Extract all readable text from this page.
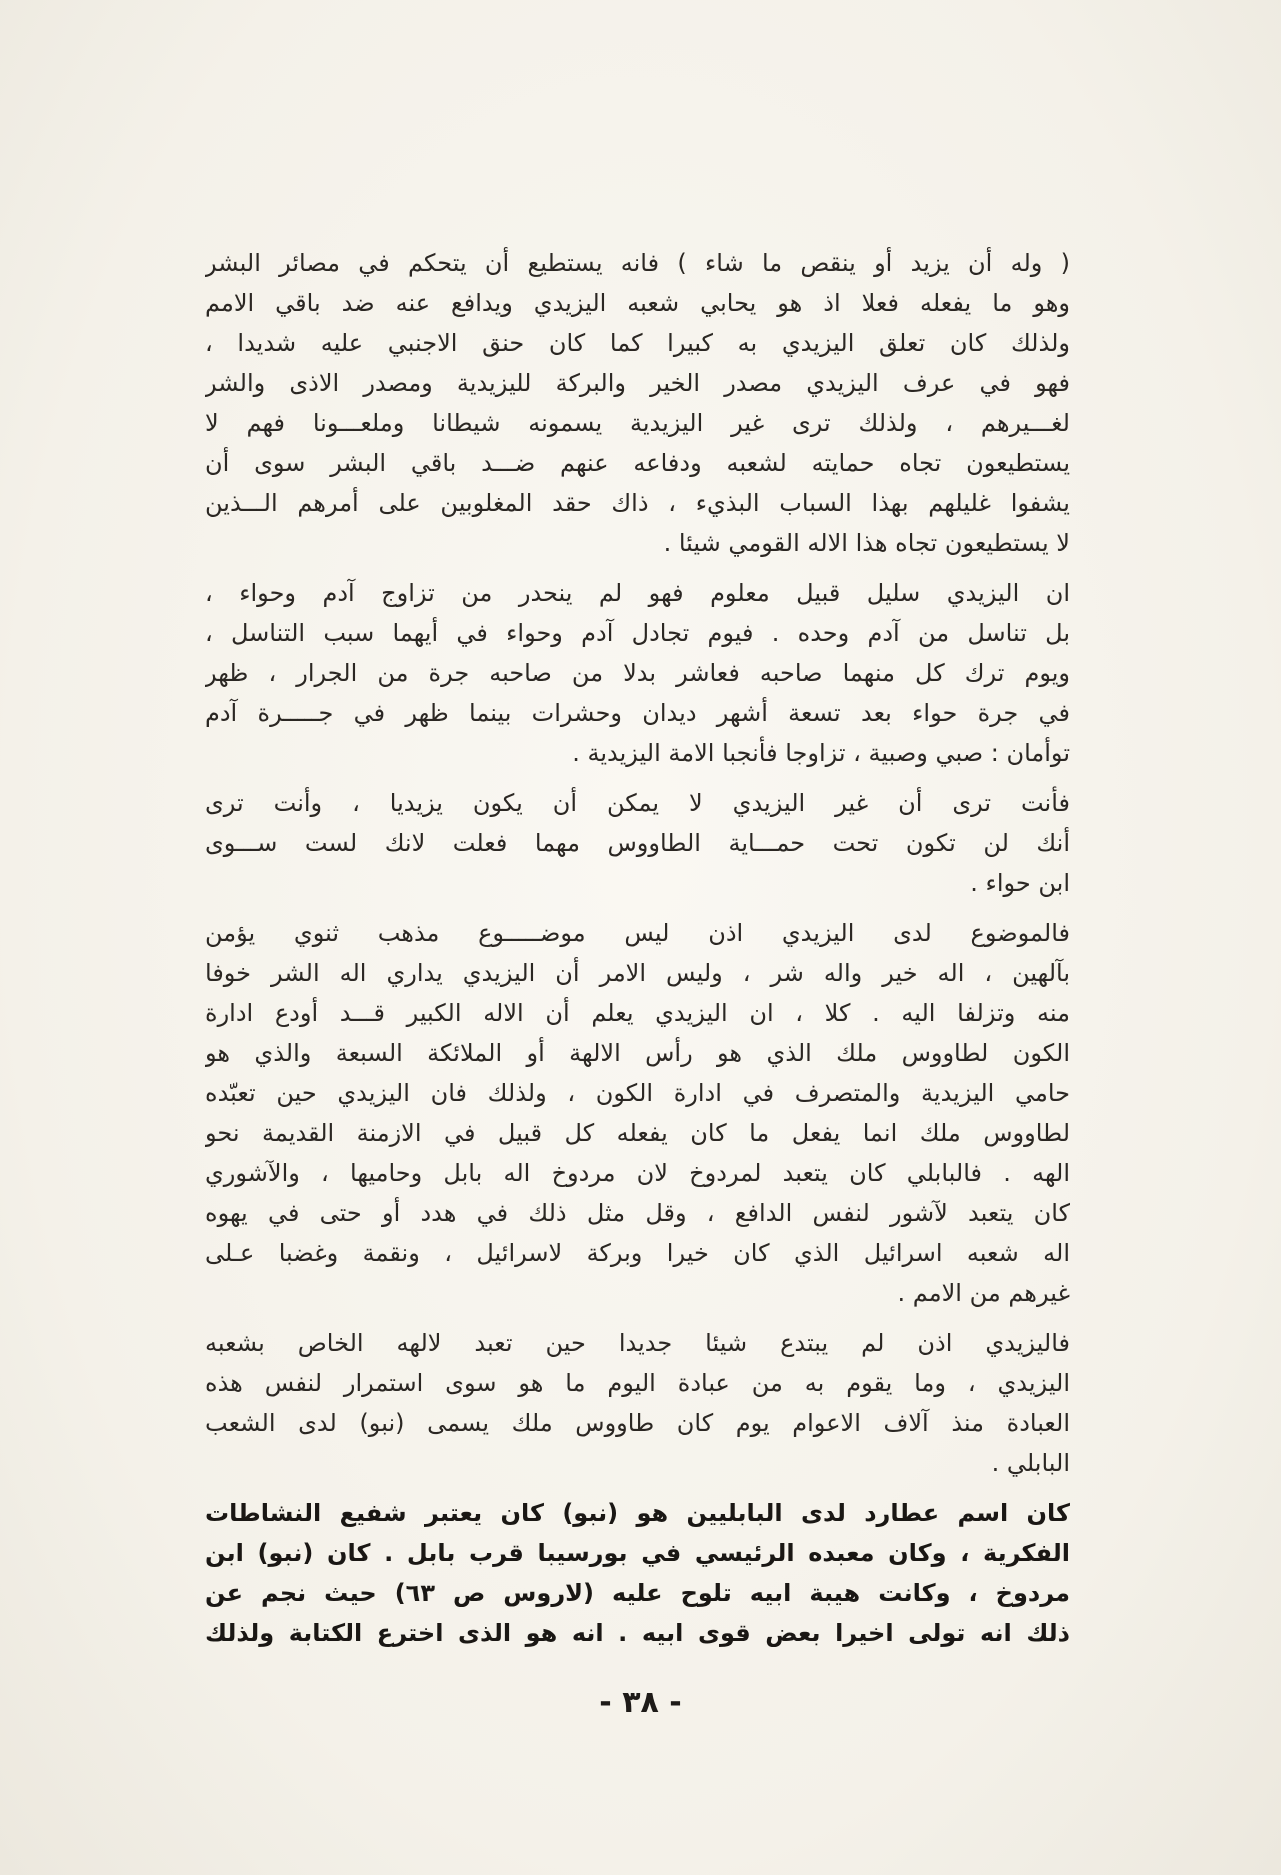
( وله أن يزيد أو ينقص ما شاء ) فانه يستطيع أن يتحكم في مصائر البشر
وهو ما يفعله فعلا اذ هو يحابي شعبه اليزيدي ويدافع عنه ضد باقي الامم
ولذلك كان تعلق اليزيدي به كبيرا كما كان حنق الاجنبي عليه شديدا ،
فهو في عرف اليزيدي مصدر الخير والبركة لليزيدية ومصدر الاذى والشر
لغـــيرهم ، ولذلك ترى غير اليزيدية يسمونه شيطانا وملعـــونا فهم لا
يستطيعون تجاه حمايته لشعبه ودفاعه عنهم ضـــد باقي البشر سوى أن
يشفوا غليلهم بهذا السباب البذيء ، ذاك حقد المغلوبين على أمرهم الـــذين
لا يستطيعون تجاه هذا الاله القومي شيئا .
ان اليزيدي سليل قبيل معلوم فهو لم ينحدر من تزاوج آدم وحواء ،
بل تناسل من آدم وحده . فيوم تجادل آدم وحواء في أيهما سبب التناسل ،
ويوم ترك كل منهما صاحبه فعاشر بدلا من صاحبه جرة من الجرار ، ظهر
في جرة حواء بعد تسعة أشهر ديدان وحشرات بينما ظهر في جـــــرة آدم
توأمان : صبي وصبية ، تزاوجا فأنجبا الامة اليزيدية .
فأنت ترى أن غير اليزيدي لا يمكن أن يكون يزيديا ، وأنت ترى
أنك لن تكون تحت حمـــاية الطاووس مهما فعلت لانك لست ســـوى
ابن حواء .
فالموضوع لدى اليزيدي اذن ليس موضـــــوع مذهب ثنوي يؤمن
بآلهين ، اله خير واله شر ، وليس الامر أن اليزيدي يداري اله الشر خوفا
منه وتزلفا اليه . كلا ، ان اليزيدي يعلم أن الاله الكبير قـــد أودع ادارة
الكون لطاووس ملك الذي هو رأس الالهة أو الملائكة السبعة والذي هو
حامي اليزيدية والمتصرف في ادارة الكون ، ولذلك فان اليزيدي حين تعبّده
لطاووس ملك انما يفعل ما كان يفعله كل قبيل في الازمنة القديمة نحو
الهه . فالبابلي كان يتعبد لمردوخ لان مردوخ اله بابل وحاميها ، والآشوري
كان يتعبد لآشور لنفس الدافع ، وقل مثل ذلك في هدد أو حتى في يهوه
اله شعبه اسرائيل الذي كان خيرا وبركة لاسرائيل ، ونقمة وغضبا عـلى
غيرهم من الامم .
فاليزيدي اذن لم يبتدع شيئا جديدا حين تعبد لالهه الخاص بشعبه
اليزيدي ، وما يقوم به من عبادة اليوم ما هو سوى استمرار لنفس هذه
العبادة منذ آلاف الاعوام يوم كان طاووس ملك يسمى (نبو) لدى الشعب
البابلي .
كان اسم عطارد لدى البابليين هو (نبو) كان يعتبر شفيع النشاطات
الفكرية ، وكان معبده الرئيسي في بورسيبا قرب بابل . كان (نبو) ابن
مردوخ ، وكانت هيبة ابيه تلوح عليه (لاروس ص ٦٣) حيث نجم عن
ذلك انه تولى اخيرا بعض قوى ابيه . انه هو الذى اخترع الكتابة ولذلك
- ٣٨ -
